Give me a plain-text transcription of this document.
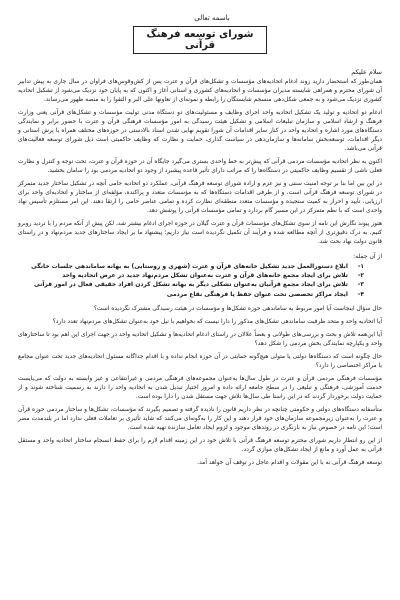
باسمه تعالی
شورای توسعه فرهنگ قرآنی
سلام علیکم

همان‌طور که استحضار دارید روند ادغام اتحادیه‌های مؤسسات و تشکل‌های قرآن و عترت پس از کش‌وقوس‌های فراوان در سال جاری به پیش تدابیر آن شورای محترم و همراهی شایسته مدیران مؤسسات و اتحادیه‌های کشوری و استانی آغاز و اکنون که به پایان خود نزدیک می‌شود از تشکیل اتحادیه کشوری نزدیک می‌شود و به جمعی شکل‌دهی منسجم شایستگان را رابطه و نمونه‌ای از تعاونها علی البر و التقوا را به منصه ظهور می‌رساند.

ادغام دو اتحادیه و تولید یک تشکیل اتحادیه واحد اجرای وظایف و مسئولیت‌های دو دستگاه مدنی تولیت مؤسسات و تشکل‌های قرآنی یعنی وزارت فرهنگ و ارشاد اسلامی و سازمان تبلیغات اسلامی و تشکیل هیئت رسیدگی به امور مؤسسات فرهنگی قرآن و عترت با حضور برابر و نمایندگی دستگاه‌های مورد اشاره و اتحادیه واحد در کنار سایر اقدامات آن شورا تقویم نهایی شدن اسناد بالادستی در حوزه‌های مختلف همراه با پرش استانی و دیگر اقدامات، توسعه‌بخش سامانه‌ها و سازمان‌دهی در سیاست گذاری، حمایت و نظارت که وظایف حاکمیتی است ذیل شورای توسعه فعالیت‌های قرآنی می‌باشد.

اکنون به نظر اتحادیه مؤسسات مردمی قرآنی که پیش‌تر به خط واحدی بستری می‌گیرد جایگاه آن در حوزه قرآن و عترت، تحت توجه و کنترل و نظارت فعلی ناشی از تقسیم وظایف حاکمیتی در دستگاه‌ها را که مراتب دارای تأثیر قاعده پیشبرد از وجود دو اتحادیه مردمی بود را سامان بخشید.

در این بین اما بنا بر توجه امنیت سنتی و نیز عزم و اراده شورای توسعه فرهنگ قرآنی، عملکرد دو اتحادیه حامی آنچه در تشکیل ساختار جدید متمرکز در شورای توسعه فرهنگ قرآنی است، و از طرفی اقدامات دستگاه‌ها که به مؤسسات متعدد و پراکنده، مؤلفه‌ای از ساختار و اتحادیه‌ای واحد برای ارزیابی، تأیید و احراز به کمیت سنجیده و مؤسسات متعدد منطقه‌ای نظارت کرده و تمامی عناصر حامی را ارتقا دهند. این امر مستلزم تأسیس نهاد واحدی است که با نظم متمرکز در این مسیر گام بردارد و تمامی مؤسسات قرآنی را پوشش دهد.

هنوز پیوند نگارش این نامه از سوی تشکل‌های مؤسسات قرآن و عترت گیلان در حوزه اجرای ادغام بیشتر شد، لکن پیش از آنکه مردم را با تردید روبرو کنیم، به درک دقیق‌تری از آنچه مطالعه شده و فرآیند آن تکمیل نگردیده است نیاز داریم؛ پیشنهاد ما بر ایجاد ساختارهای جدید مردم‌نهاد و در راستای قانون دولت نهاد بحث شد.

از آن جمله:
۱- ابلاغ دستورالعمل جدید تشکیل خانه‌های قرآن و عترت (شهری و روستایی) به بهانه ساماندهی جلسات خانگی
۲- تلاش برای ایجاد مجمع خانه‌های قرآن و عترت به‌عنوان تشکل مردم‌نهاد جدید در عرض اتحادیه واحد
۳- تلاش برای ایجاد مجمع قرآنیان به‌عنوان تشکلی دیگر به بهانه تشکل کردن افراد حقیقی فعال در امور قرآنی
۴- ایجاد مراکز تخصصی تحت عنوان حفظ یا فرهنگی نقاع مردمی

حال سؤال اینجاست آیا امور مربوط به ساماندهی حوزه تشکل‌ها و مؤسسات در هیئت رسیدگی مشترک نگردیده است؟

آیا اتحادیه واحد و متحد ظرفیت ساماندهی تشکل‌های مذکور را دارا نیست که بخواهیم با نیل خود به‌عنوان تشکل‌های مردم‌نهاد تعدد دارد؟

آیا این‌همه تلاش و بحث و بررسی‌های طولانی و بعضاً علالان در راستای ادغام اتحادیه‌ها و تشکیل اتحادیه واحد در جهت اجرای این اهم بود تا ساختارهای واحد و یکپارچه نمایندگی بخش مردمی را شکل دهد؟

حال چگونه است که دستگاه‌ها دولتی یا متولی هیچ‌گونه حمایتی در آن حوزه انجام نداده و با اقدام جداگانه مسئول اتحادیه‌های جدید تحت عنوان مجامع یا مراکز اختصاصی را دارد؟

مؤسسات فرهنگی مردمی قرآن و عترت در طول سال‌ها به‌عنوان مجموعه‌های فرهنگی مردمی و غیرانتفاعی و غیر وابسته به دولت که می‌بایست خدمت آموزشی، فرهنگی و تبلیغی را در سطح جامعه ارائه داده و امروز اختیار تبدیل شدن به اتحادیه واحد را دارند به رسمیت شناخته شوند و از حمایت دولت برخوردار گردند که در این راستا طی سال‌ها تلاش جهت مستقل شدن را دارا بوده است.

متأسفانه دستگاه‌های دولتی و حکومتی چنانچه در نظر داریم قانون را نادیده گرفته و تصمیم بگیرند که مؤسسات، تشکل‌ها و ساختار مردمی حوزه قرآن و عترت را به‌عنوان زیرمجموعه سازمان‌های خود قرار دهند و این کار را به‌گونه‌ای می‌کنند که شاید تأثیری بر تعاملات فعلی ندارد اما در بلندمدت مضر است؛ این نامه در خصوص نیاز به بازنگری در روندهای موجود و لزوم ایجاد تعامل سازنده تهیه شده است.

از این رو انتظار داریم شورای محترم توسعه فرهنگ قرآنی با تلاش خود در این زمینه اقدام لازم را برای حفظ انسجام ساختار اتحادیه واحد و مستقل قرآنی به عمل آورد و مانع از ایجاد تشکل‌های موازی گردد.

توسعه فرهنگ قرآنی نه با این مقولات و اقدام عاجل در توقف آن خواهد آمد.
